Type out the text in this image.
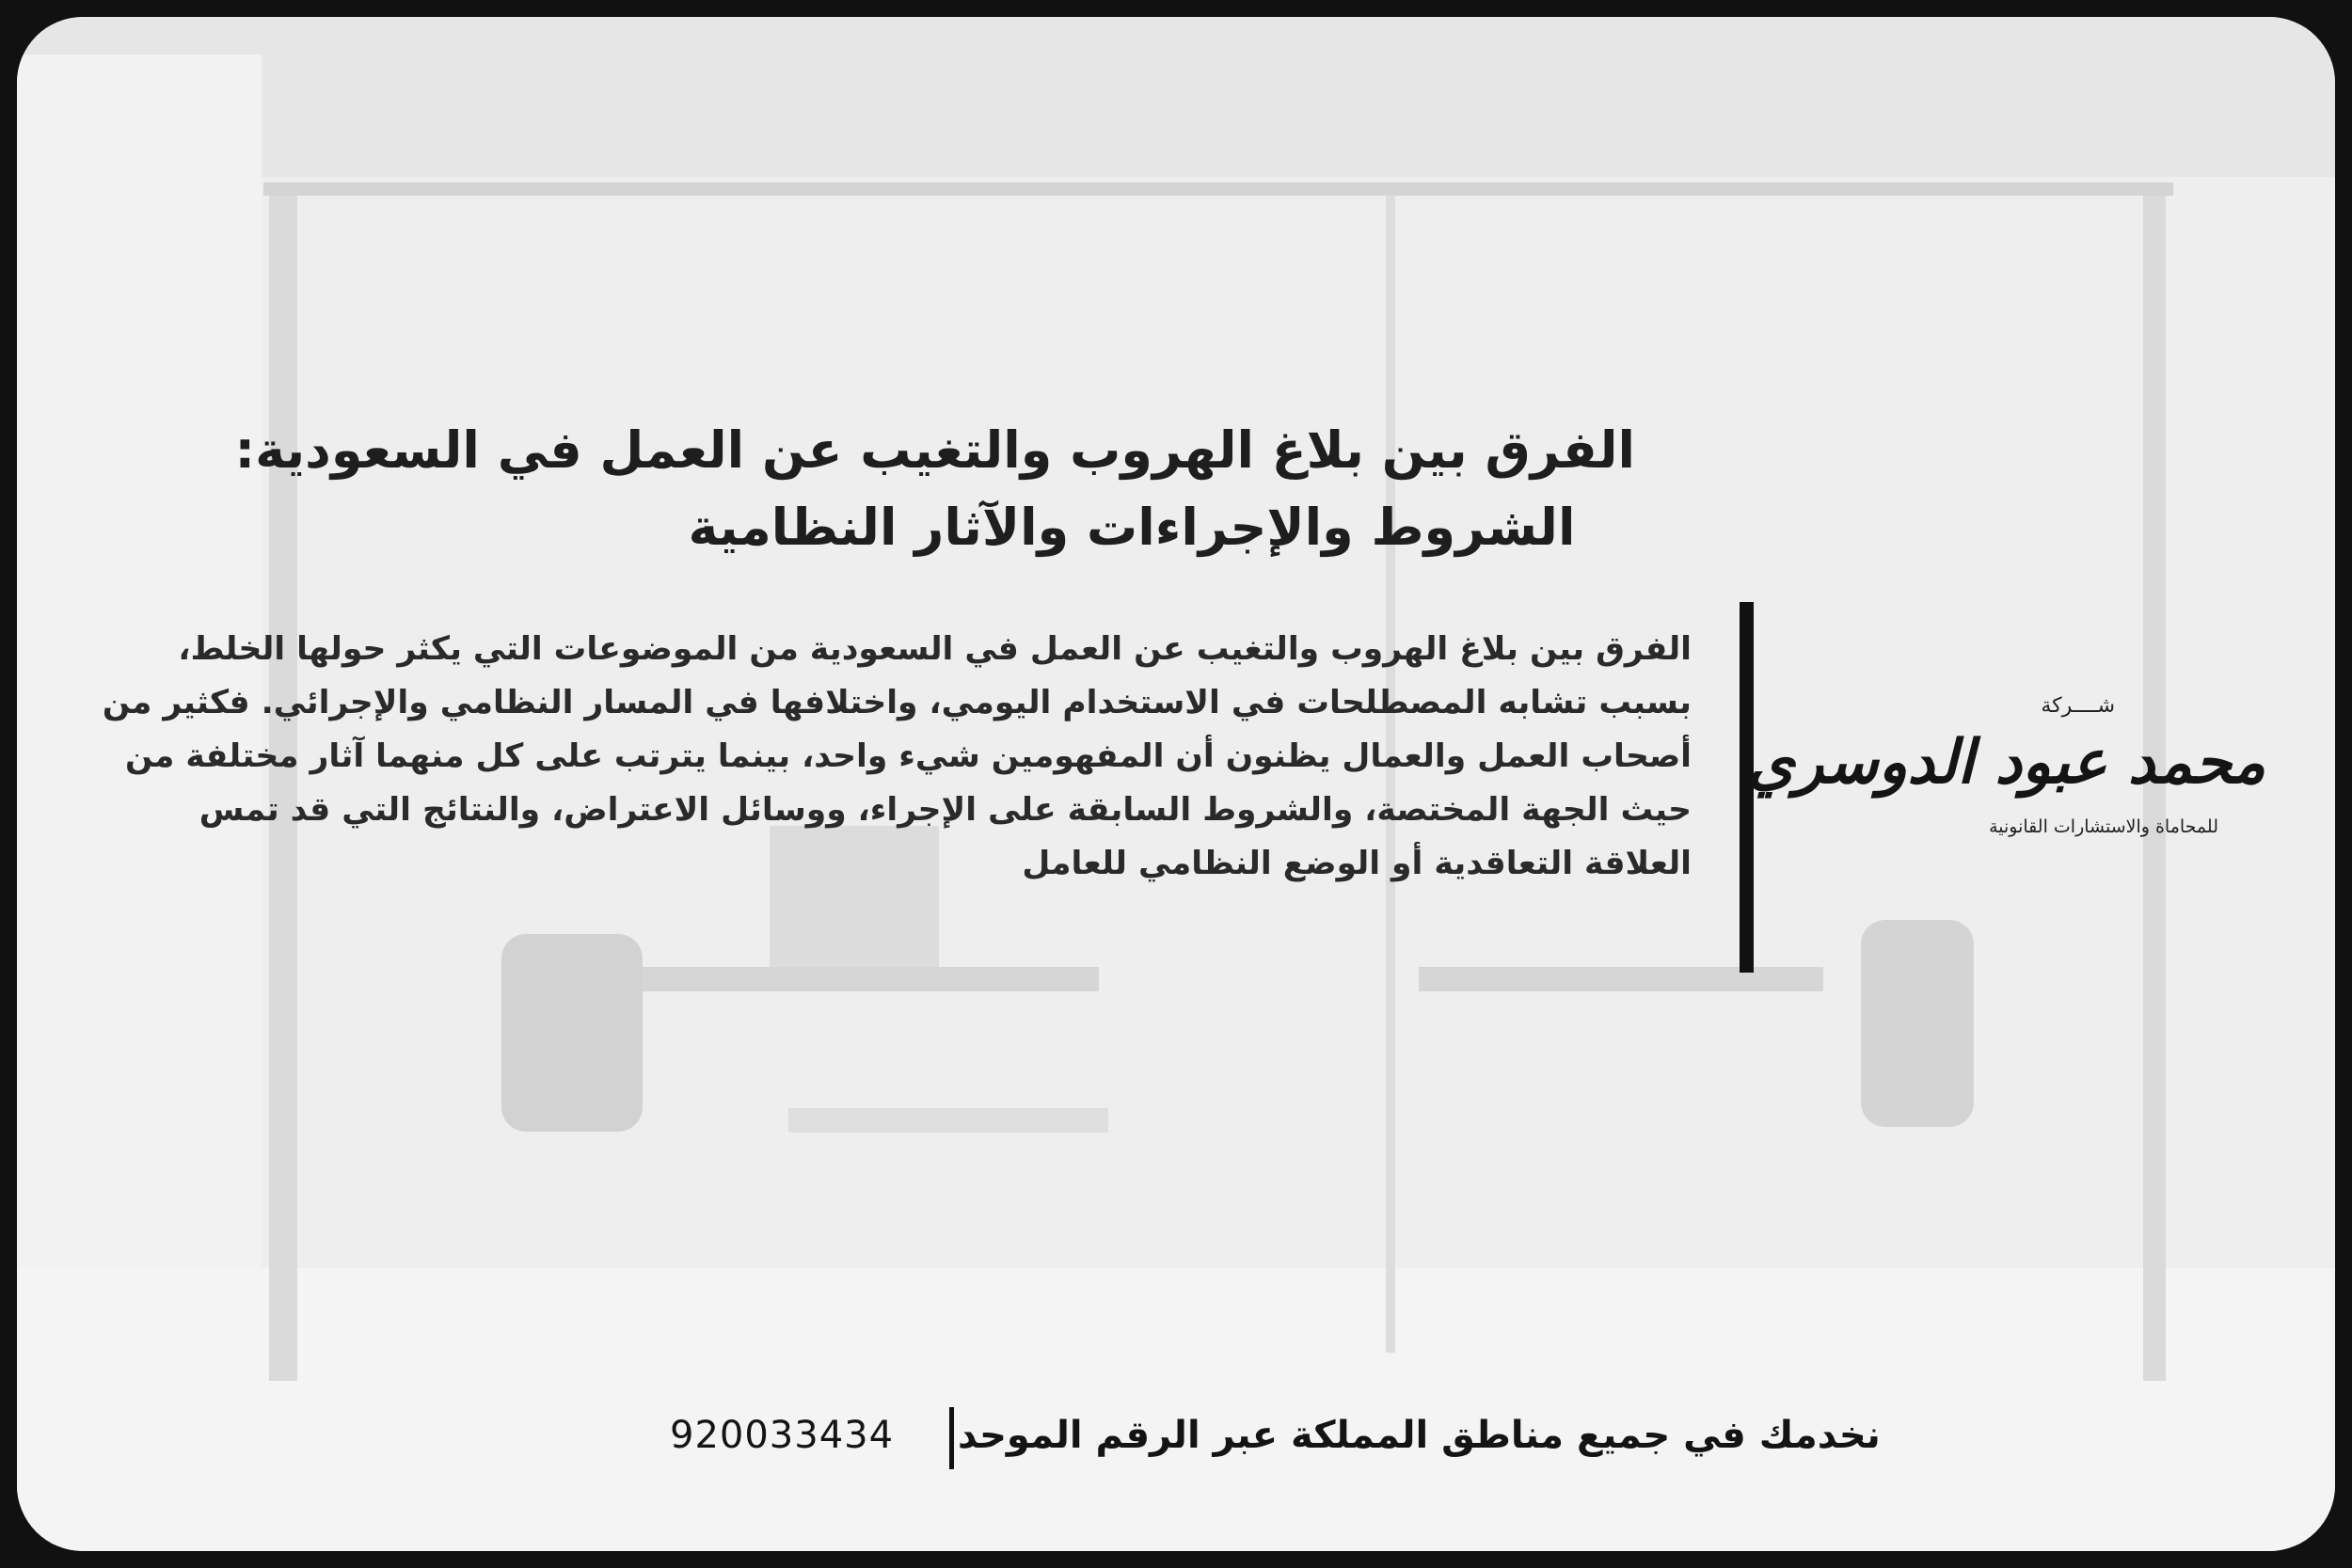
الفرق بين بلاغ الهروب والتغيب عن العمل في السعودية:
الشروط والإجراءات والآثار النظامية
الفرق بين بلاغ الهروب والتغيب عن العمل في السعودية من الموضوعات التي يكثر حولها الخلط،
بسبب تشابه المصطلحات في الاستخدام اليومي، واختلافها في المسار النظامي والإجرائي. فكثير من
أصحاب العمل والعمال يظنون أن المفهومين شيء واحد، بينما يترتب على كل منهما آثار مختلفة من
حيث الجهة المختصة، والشروط السابقة على الإجراء، ووسائل الاعتراض، والنتائج التي قد تمس
العلاقة التعاقدية أو الوضع النظامي للعامل
شــــركة
محمد عبود الدوسري
للمحاماة والاستشارات القانونية
نخدمك في جميع مناطق المملكة عبر الرقم الموحد
920033434
